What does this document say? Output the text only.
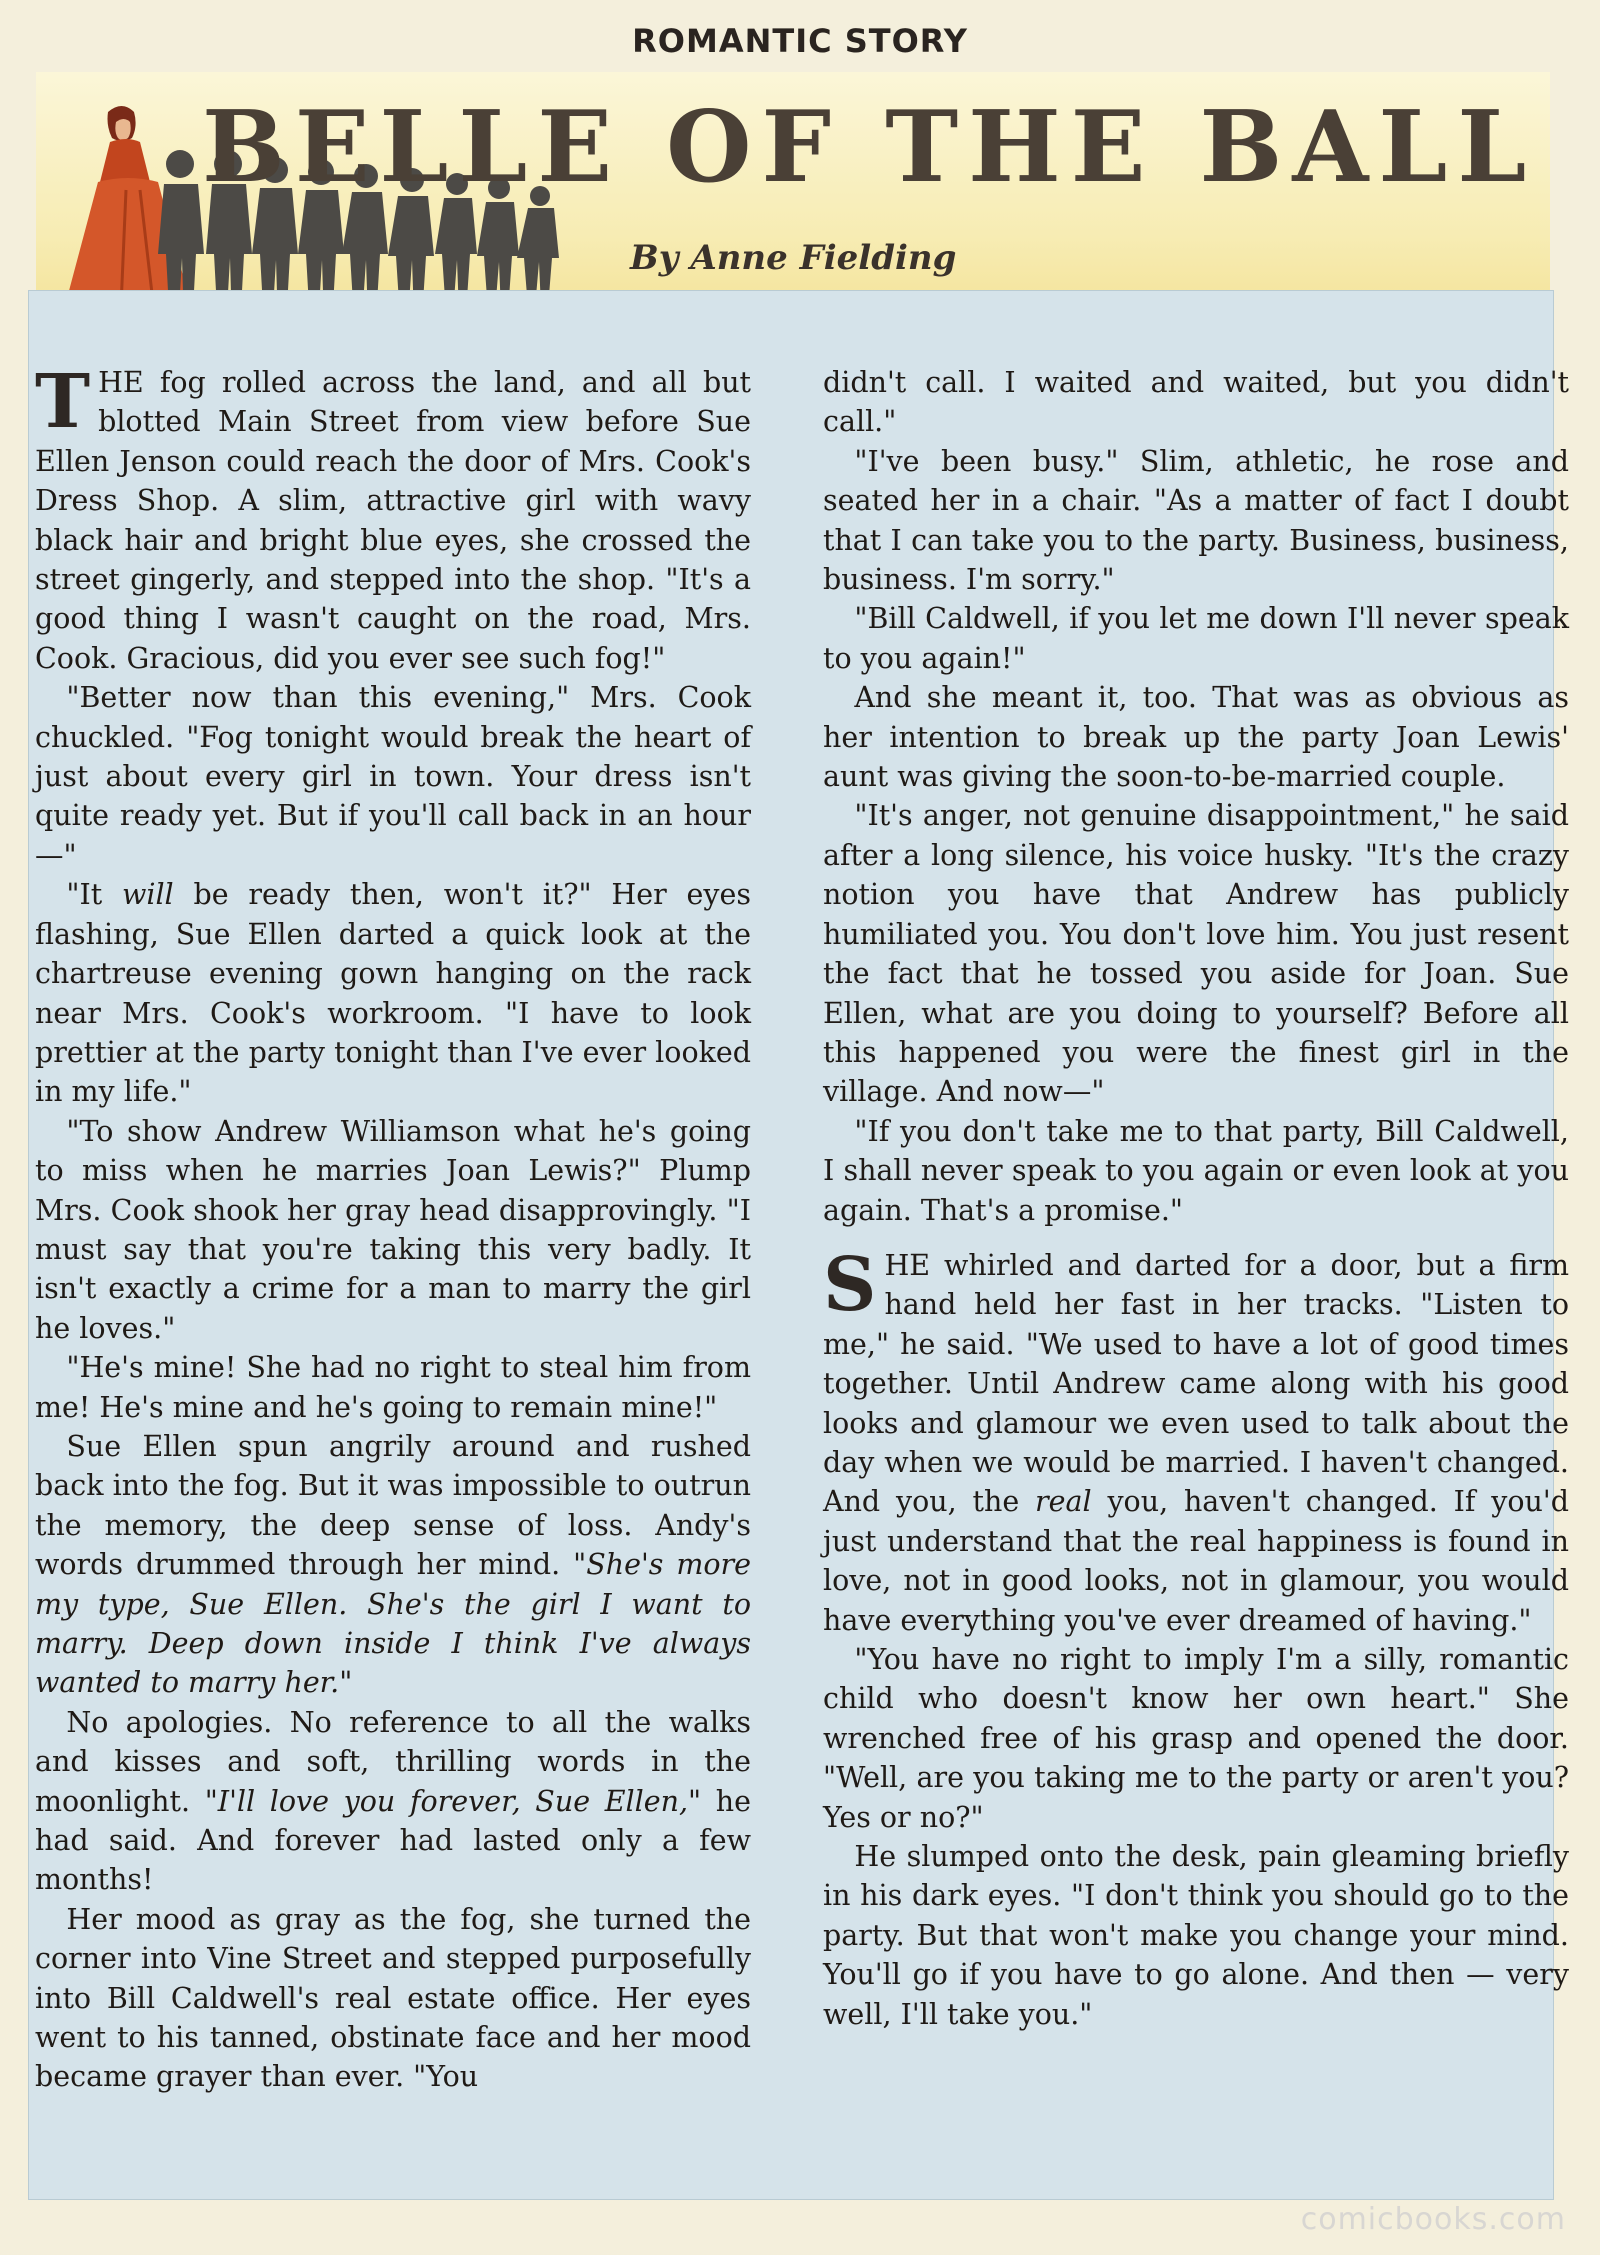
ROMANTIC STORY
BELLE OF THE BALL
By Anne Fielding

THE fog rolled across the land, and all but blotted Main Street from view before Sue Ellen Jenson could reach the door of Mrs. Cook's Dress Shop. A slim, attractive girl with wavy black hair and bright blue eyes, she crossed the street gingerly, and stepped into the shop. "It's a good thing I wasn't caught on the road, Mrs. Cook. Gracious, did you ever see such fog!"

"Better now than this evening," Mrs. Cook chuckled. "Fog tonight would break the heart of just about every girl in town. Your dress isn't quite ready yet. But if you'll call back in an hour—"

"It will be ready then, won't it?" Her eyes flashing, Sue Ellen darted a quick look at the chartreuse evening gown hanging on the rack near Mrs. Cook's workroom. "I have to look prettier at the party tonight than I've ever looked in my life."

"To show Andrew Williamson what he's going to miss when he marries Joan Lewis?" Plump Mrs. Cook shook her gray head disapprovingly. "I must say that you're taking this very badly. It isn't exactly a crime for a man to marry the girl he loves."

"He's mine! She had no right to steal him from me! He's mine and he's going to remain mine!"

Sue Ellen spun angrily around and rushed back into the fog. But it was impossible to outrun the memory, the deep sense of loss. Andy's words drummed through her mind. "She's more my type, Sue Ellen. She's the girl I want to marry. Deep down inside I think I've always wanted to marry her."

No apologies. No reference to all the walks and kisses and soft, thrilling words in the moonlight. "I'll love you forever, Sue Ellen," he had said. And forever had lasted only a few months!

Her mood as gray as the fog, she turned the corner into Vine Street and stepped purposefully into Bill Caldwell's real estate office. Her eyes went to his tanned, obstinate face and her mood became grayer than ever. "You

didn't call. I waited and waited, but you didn't call."

"I've been busy." Slim, athletic, he rose and seated her in a chair. "As a matter of fact I doubt that I can take you to the party. Business, business, business. I'm sorry."

"Bill Caldwell, if you let me down I'll never speak to you again!"

And she meant it, too. That was as obvious as her intention to break up the party Joan Lewis' aunt was giving the soon-to-be-married couple.

"It's anger, not genuine disappointment," he said after a long silence, his voice husky. "It's the crazy notion you have that Andrew has publicly humiliated you. You don't love him. You just resent the fact that he tossed you aside for Joan. Sue Ellen, what are you doing to yourself? Before all this happened you were the finest girl in the village. And now—"

"If you don't take me to that party, Bill Caldwell, I shall never speak to you again or even look at you again. That's a promise."

SHE whirled and darted for a door, but a firm hand held her fast in her tracks. "Listen to me," he said. "We used to have a lot of good times together. Until Andrew came along with his good looks and glamour we even used to talk about the day when we would be married. I haven't changed. And you, the real you, haven't changed. If you'd just understand that the real happiness is found in love, not in good looks, not in glamour, you would have everything you've ever dreamed of having."

"You have no right to imply I'm a silly, romantic child who doesn't know her own heart." She wrenched free of his grasp and opened the door. "Well, are you taking me to the party or aren't you? Yes or no?"

He slumped onto the desk, pain gleaming briefly in his dark eyes. "I don't think you should go to the party. But that won't make you change your mind. You'll go if you have to go alone. And then — very well, I'll take you."

comicbooks.com
